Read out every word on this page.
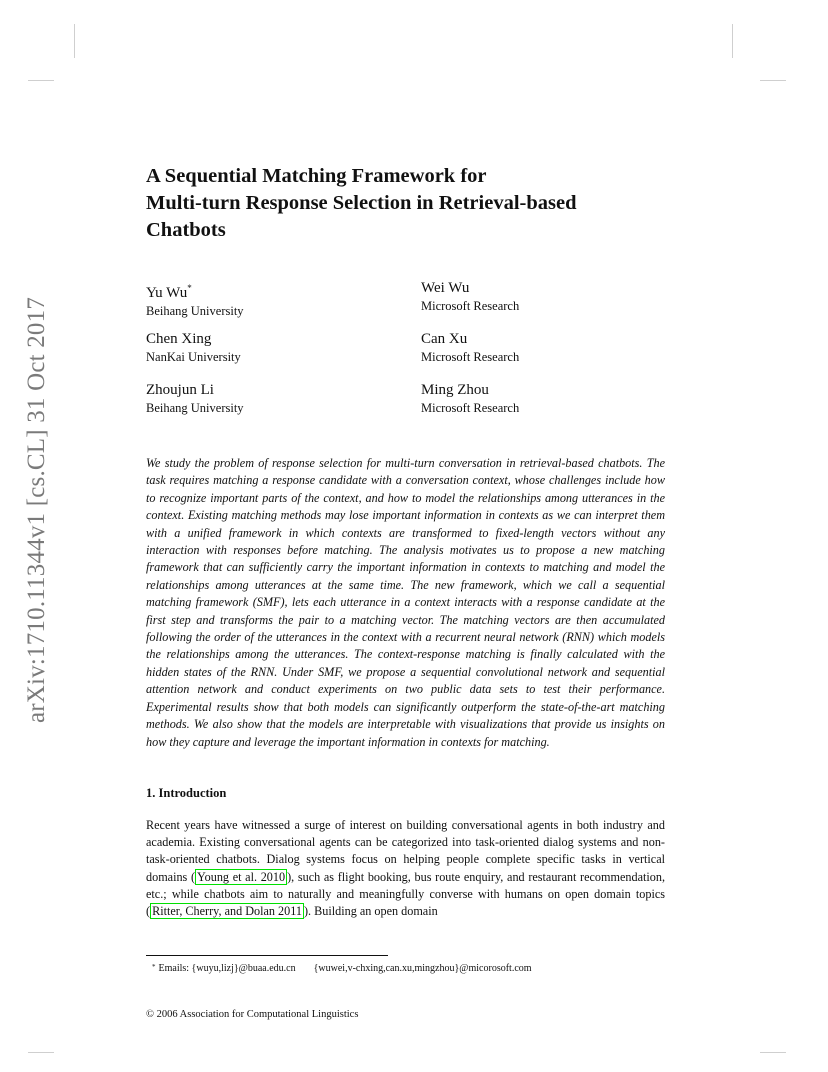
arXiv:1710.11344v1 [cs.CL] 31 Oct 2017
A Sequential Matching Framework for
Multi-turn Response Selection in Retrieval-based
Chatbots
Yu Wu*
Beihang University
Wei Wu
Microsoft Research
Chen Xing
NanKai University
Can Xu
Microsoft Research
Zhoujun Li
Beihang University
Ming Zhou
Microsoft Research

We study the problem of response selection for multi-turn conversation in retrieval-based chatbots. The task requires matching a response candidate with a conversation context, whose challenges include how to recognize important parts of the context, and how to model the relationships among utterances in the context. Existing matching methods may lose important information in contexts as we can interpret them with a unified framework in which contexts are transformed to fixed-length vectors without any interaction with responses before matching. The analysis motivates us to propose a new matching framework that can sufficiently carry the important information in contexts to matching and model the relationships among utterances at the same time. The new framework, which we call a sequential matching framework (SMF), lets each utterance in a context interacts with a response candidate at the first step and transforms the pair to a matching vector. The matching vectors are then accumulated following the order of the utterances in the context with a recurrent neural network (RNN) which models the relationships among the utterances. The context-response matching is finally calculated with the hidden states of the RNN. Under SMF, we propose a sequential convolutional network and sequential attention network and conduct experiments on two public data sets to test their performance. Experimental results show that both models can significantly outperform the state-of-the-art matching methods. We also show that the models are interpretable with visualizations that provide us insights on how they capture and leverage the important information in contexts for matching.

1. Introduction

Recent years have witnessed a surge of interest on building conversational agents in both industry and academia. Existing conversational agents can be categorized into task-oriented dialog systems and non-task-oriented chatbots. Dialog systems focus on helping people complete specific tasks in vertical domains ( Young et al. 2010 ), such as flight booking, bus route enquiry, and restaurant recommendation, etc.; while chatbots aim to naturally and meaningfully converse with humans on open domain topics ( Ritter, Cherry, and Dolan 2011 ). Building an open domain

* Emails: {wuyu,lizj}@buaa.edu.cn {wuwei,v-chxing,can.xu,mingzhou}@micorosoft.com
© 2006 Association for Computational Linguistics
